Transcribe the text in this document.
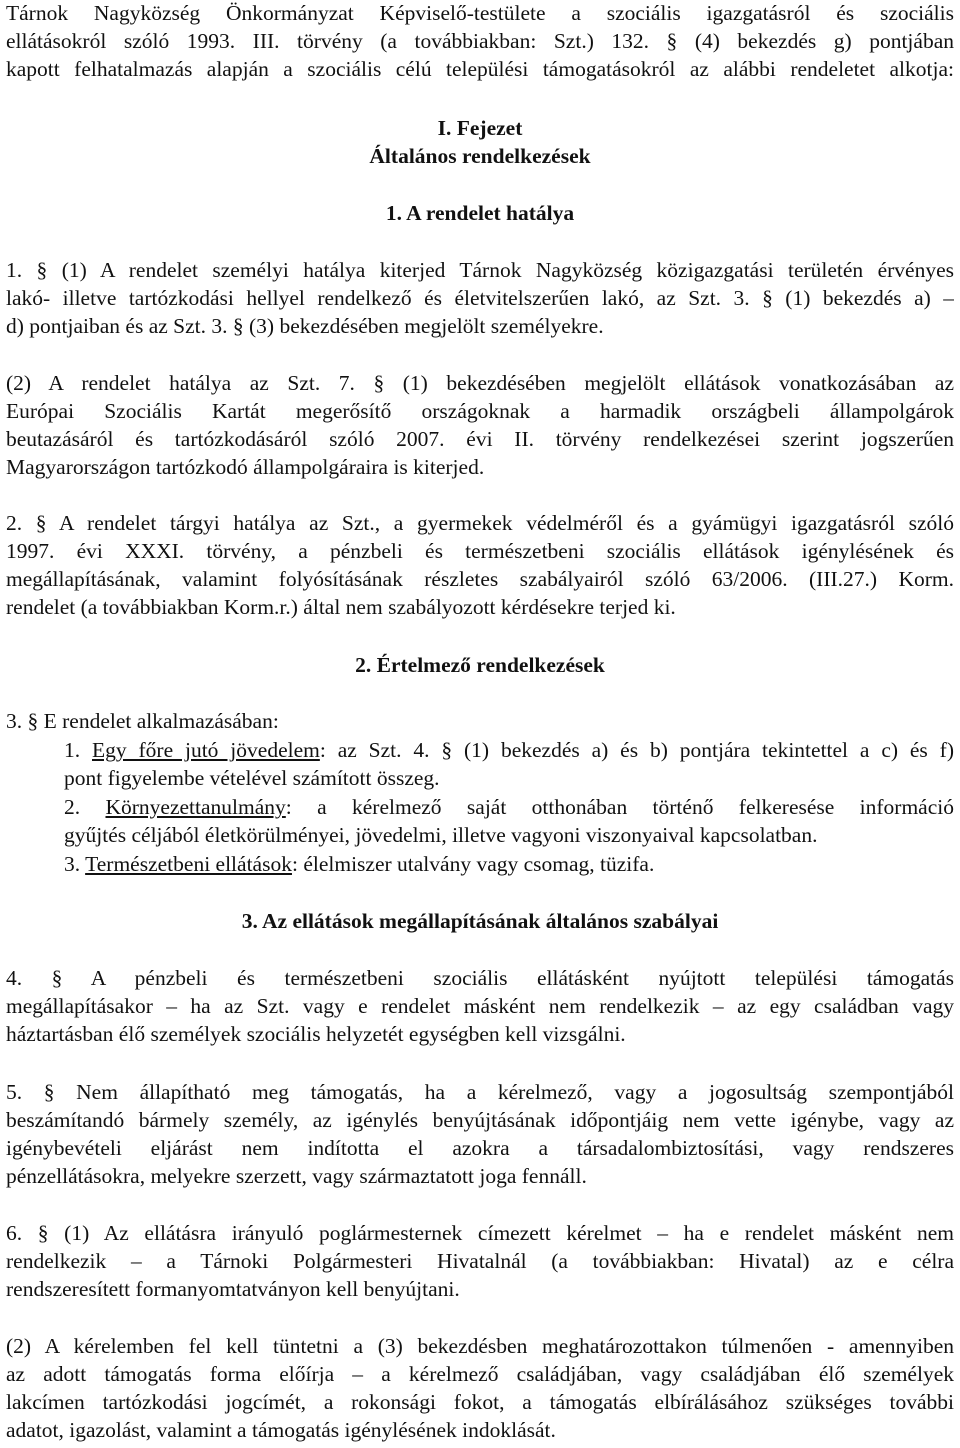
Tárnok Nagyközség Önkormányzat Képviselő-testülete a szociális igazgatásról és szociális
ellátásokról szóló 1993. III. törvény (a továbbiakban: Szt.) 132. § (4) bekezdés g) pontjában
kapott felhatalmazás alapján a szociális célú települési támogatásokról az alábbi rendeletet alkotja:
I. Fejezet
Általános rendelkezések
1. A rendelet hatálya
1. § (1) A rendelet személyi hatálya kiterjed Tárnok Nagyközség közigazgatási területén érvényes
lakó- illetve tartózkodási hellyel rendelkező és életvitelszerűen lakó, az Szt. 3. § (1) bekezdés a) –
d) pontjaiban és az Szt. 3. § (3) bekezdésében megjelölt személyekre.
(2) A rendelet hatálya az Szt. 7. § (1) bekezdésében megjelölt ellátások vonatkozásában az
Európai Szociális Kartát megerősítő országoknak a harmadik országbeli állampolgárok
beutazásáról és tartózkodásáról szóló 2007. évi II. törvény rendelkezései szerint jogszerűen
Magyarországon tartózkodó állampolgáraira is kiterjed.
2. § A rendelet tárgyi hatálya az Szt., a gyermekek védelméről és a gyámügyi igazgatásról szóló
1997. évi XXXI. törvény, a pénzbeli és természetbeni szociális ellátások igénylésének és
megállapításának, valamint folyósításának részletes szabályairól szóló 63/2006. (III.27.) Korm.
rendelet (a továbbiakban Korm.r.) által nem szabályozott kérdésekre terjed ki.
2. Értelmező rendelkezések
3. § E rendelet alkalmazásában:
1. Egy főre jutó jövedelem: az Szt. 4. § (1) bekezdés a) és b) pontjára tekintettel a c) és f)
pont figyelembe vételével számított összeg.
2. Környezettanulmány: a kérelmező saját otthonában történő felkeresése információ
gyűjtés céljából életkörülményei, jövedelmi, illetve vagyoni viszonyaival kapcsolatban.
3. Természetbeni ellátások: élelmiszer utalvány vagy csomag, tüzifa.
3. Az ellátások megállapításának általános szabályai
4. § A pénzbeli és természetbeni szociális ellátásként nyújtott települési támogatás
megállapításakor – ha az Szt. vagy e rendelet másként nem rendelkezik – az egy családban vagy
háztartásban élő személyek szociális helyzetét egységben kell vizsgálni.
5. § Nem állapítható meg támogatás, ha a kérelmező, vagy a jogosultság szempontjából
beszámítandó bármely személy, az igénylés benyújtásának időpontjáig nem vette igénybe, vagy az
igénybevételi eljárást nem indította el azokra a társadalombiztosítási, vagy rendszeres
pénzellátásokra, melyekre szerzett, vagy származtatott joga fennáll.
6. § (1) Az ellátásra irányuló poglármesternek címezett kérelmet – ha e rendelet másként nem
rendelkezik – a Tárnoki Polgármesteri Hivatalnál (a továbbiakban: Hivatal) az e célra
rendszeresített formanyomtatványon kell benyújtani.
(2) A kérelemben fel kell tüntetni a (3) bekezdésben meghatározottakon túlmenően - amennyiben
az adott támogatás forma előírja – a kérelmező családjában, vagy családjában élő személyek
lakcímen tartózkodási jogcímét, a rokonsági fokot, a támogatás elbírálásához szükséges további
adatot, igazolást, valamint a támogatás igénylésének indoklását.
